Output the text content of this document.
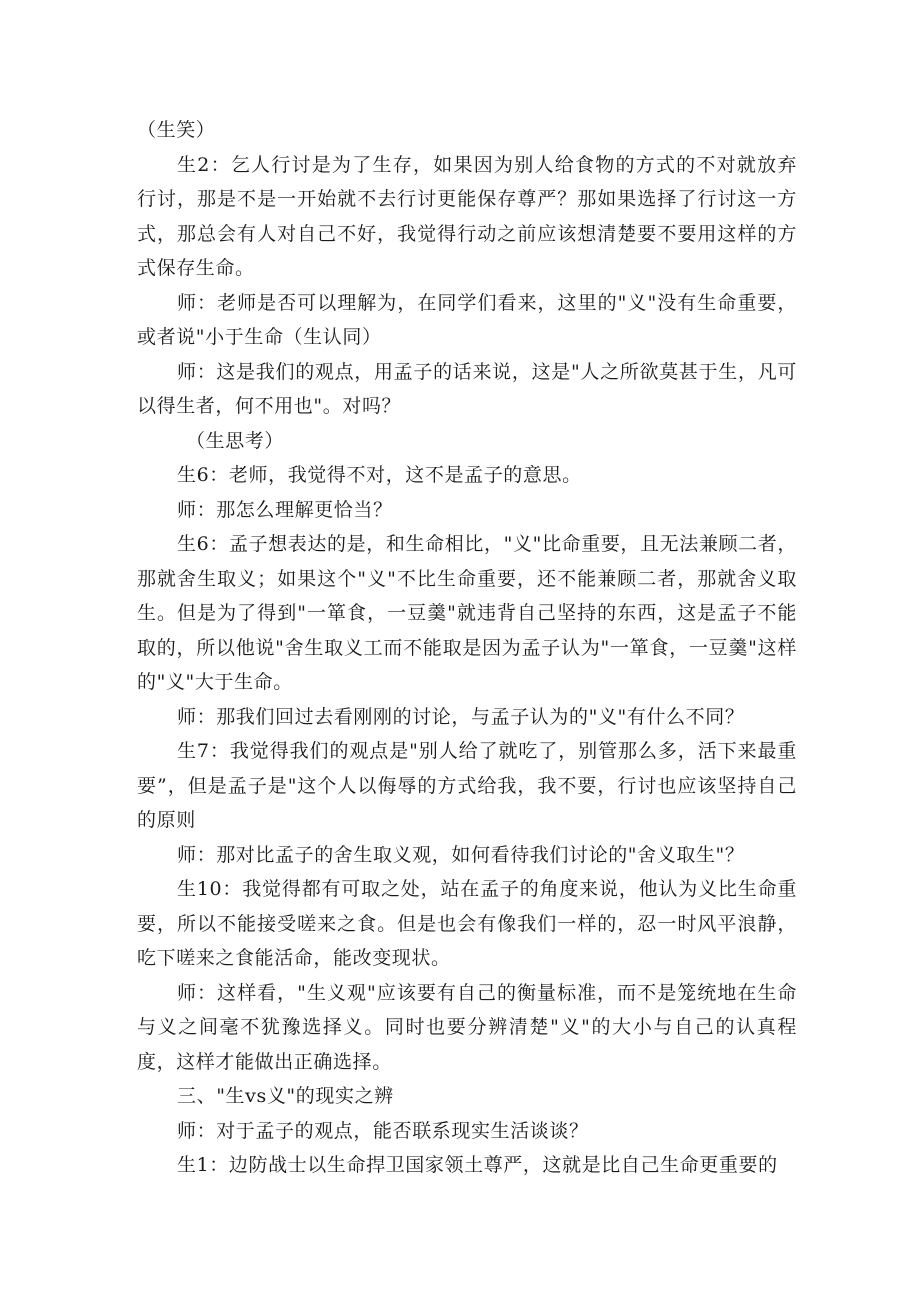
（生笑）

生2：乞人行讨是为了生存，如果因为别人给食物的方式的不对就放弃行讨，那是不是一开始就不去行讨更能保存尊严？那如果选择了行讨这一方式，那总会有人对自己不好，我觉得行动之前应该想清楚要不要用这样的方式保存生命。

师：老师是否可以理解为，在同学们看来，这里的"义"没有生命重要，或者说"小于生命（生认同）

师：这是我们的观点，用孟子的话来说，这是"人之所欲莫甚于生，凡可以得生者，何不用也"。对吗？

（生思考）

生6：老师，我觉得不对，这不是孟子的意思。

师：那怎么理解更恰当？

生6：孟子想表达的是，和生命相比，"义"比命重要，且无法兼顾二者，那就舍生取义；如果这个"义"不比生命重要，还不能兼顾二者，那就舍义取生。但是为了得到"一箪食，一豆羹"就违背自己坚持的东西，这是孟子不能取的，所以他说"舍生取义工而不能取是因为孟子认为"一箪食，一豆羹"这样的"义"大于生命。

师：那我们回过去看刚刚的讨论，与孟子认为的"义"有什么不同？

生7：我觉得我们的观点是"别人给了就吃了，别管那么多，活下来最重要”，但是孟子是"这个人以侮辱的方式给我，我不要，行讨也应该坚持自己的原则

师：那对比孟子的舍生取义观，如何看待我们讨论的"舍义取生"？

生10：我觉得都有可取之处，站在孟子的角度来说，他认为义比生命重要，所以不能接受嗟来之食。但是也会有像我们一样的，忍一时风平浪静，吃下嗟来之食能活命，能改变现状。

师：这样看，"生义观"应该要有自己的衡量标准，而不是笼统地在生命与义之间毫不犹豫选择义。同时也要分辨清楚"义"的大小与自己的认真程度，这样才能做出正确选择。

三、"生vs义"的现实之辨

师：对于孟子的观点，能否联系现实生活谈谈？

生1：边防战士以生命捍卫国家领土尊严，这就是比自己生命更重要的
